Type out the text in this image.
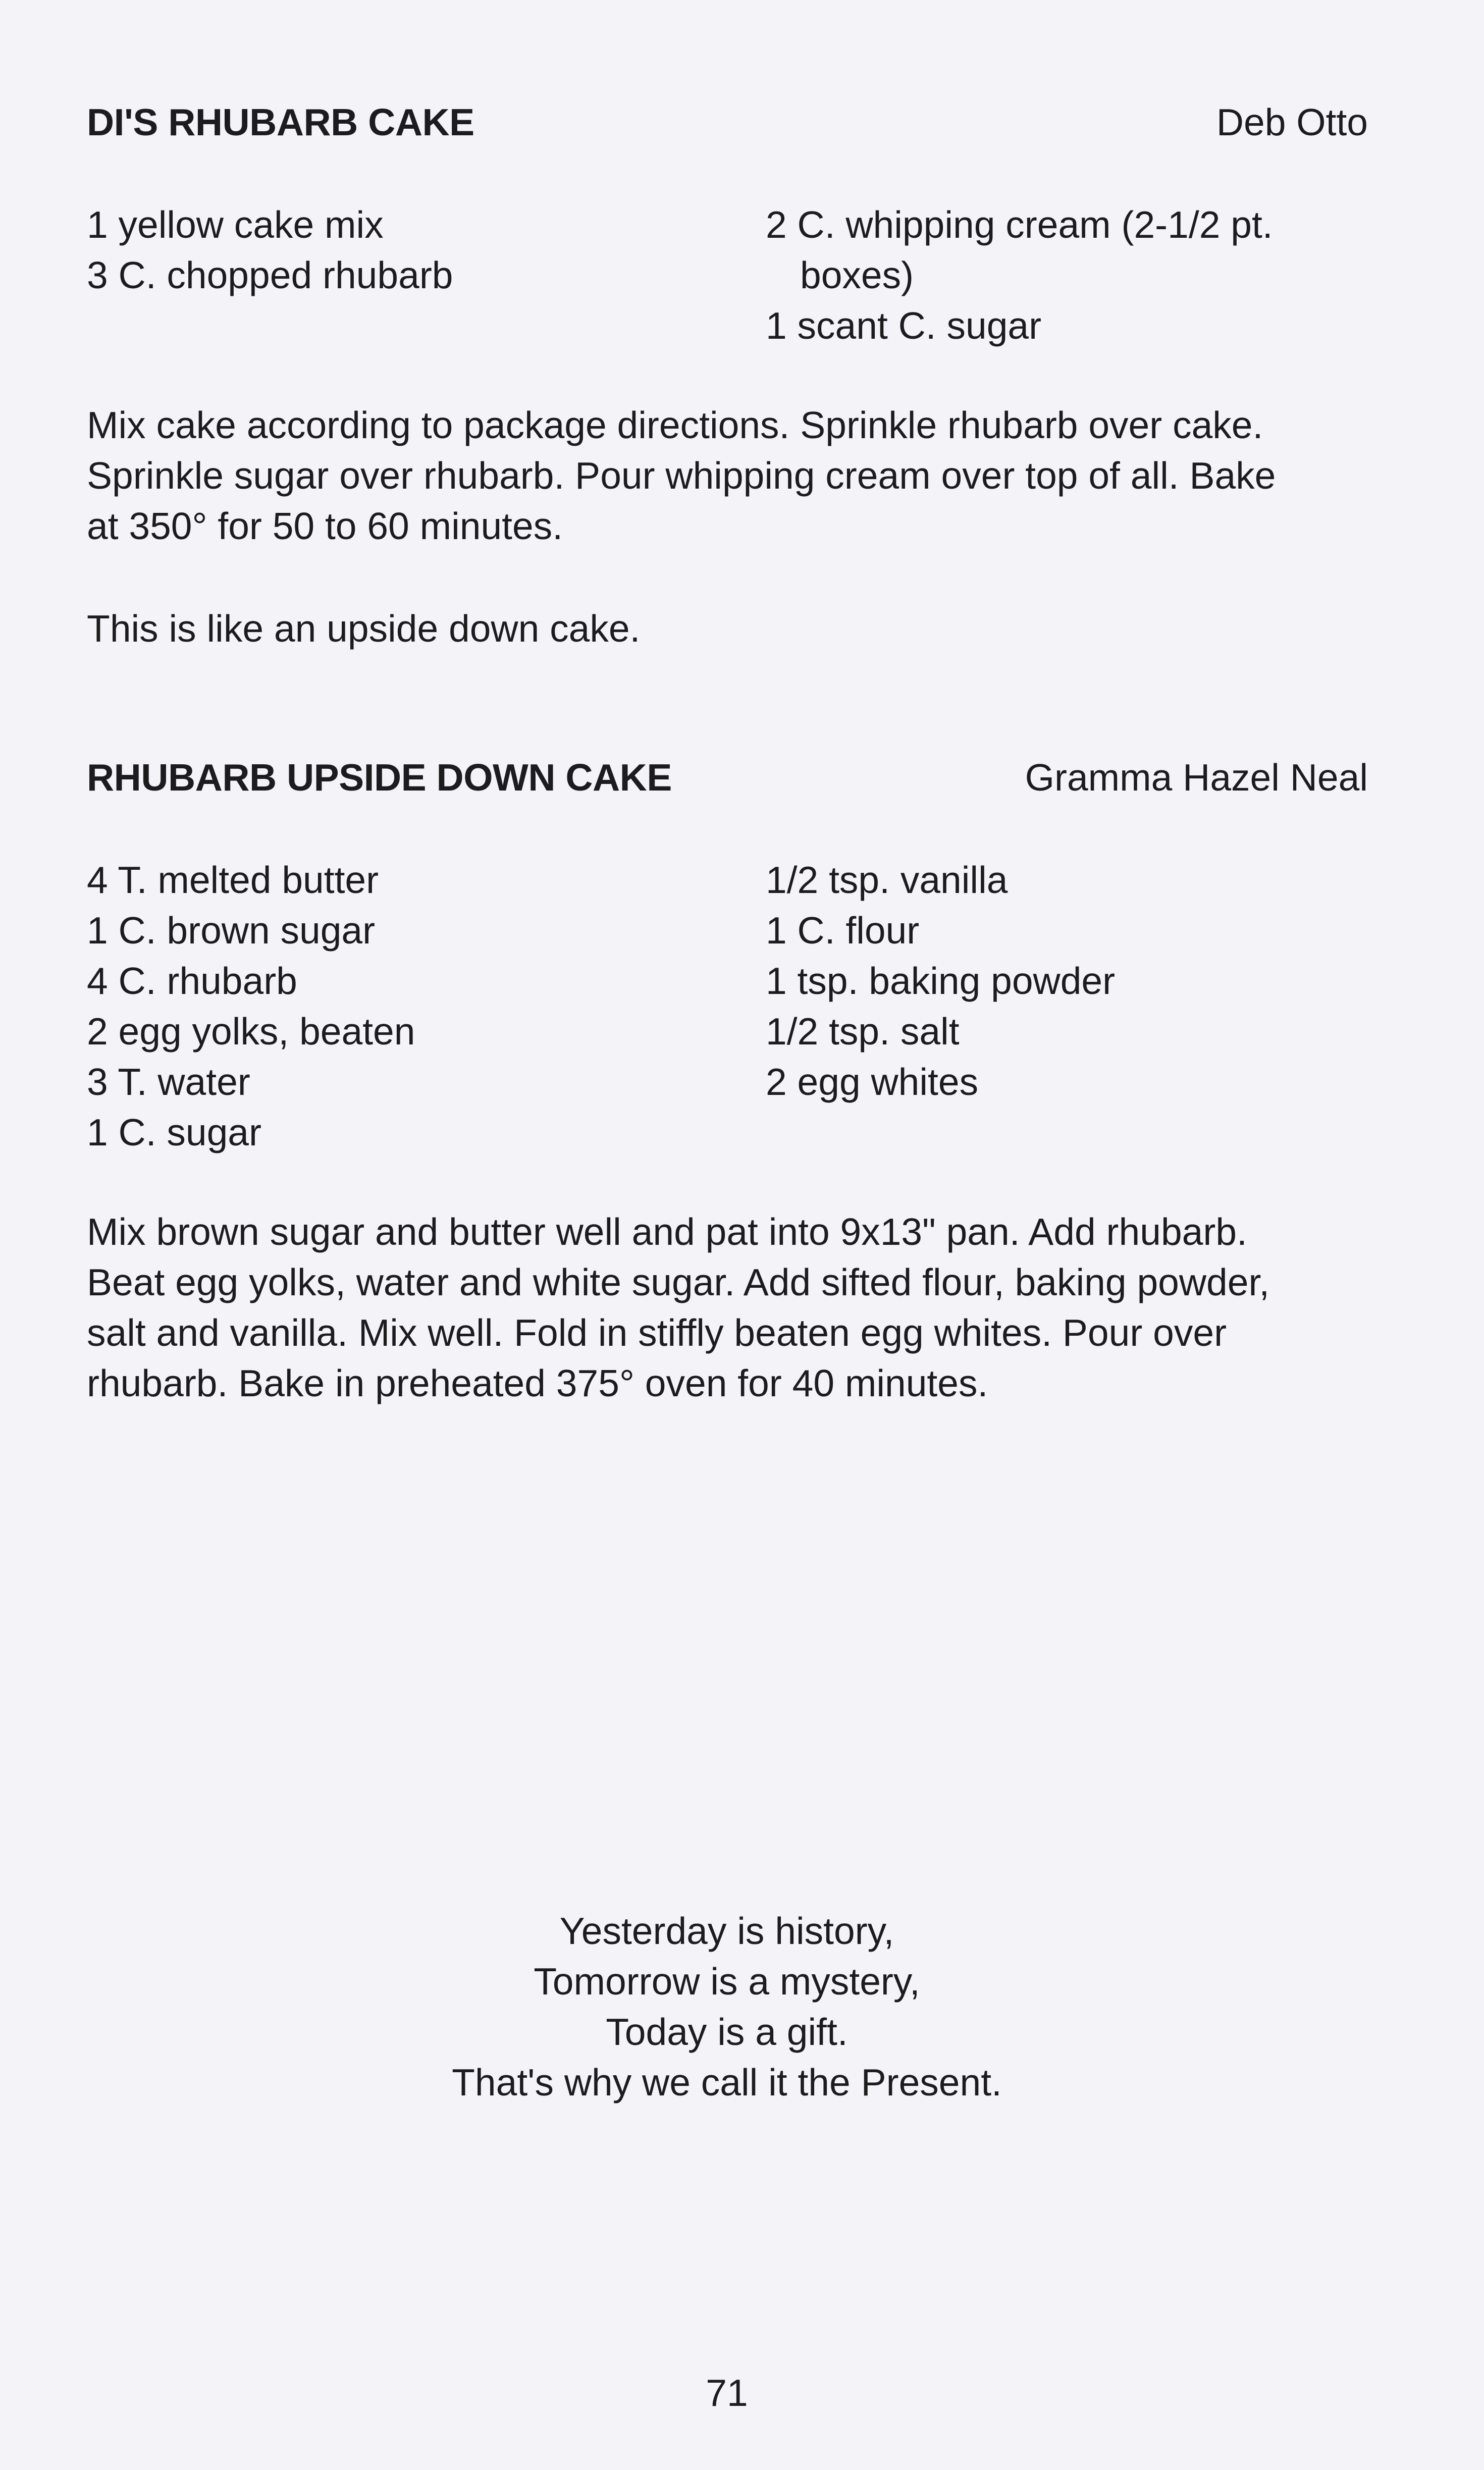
DI'S RHUBARB CAKE	Deb Otto
1 yellow cake mix
3 C. chopped rhubarb
2 C. whipping cream (2-1/2 pt.
boxes)
1 scant C. sugar

Mix cake according to package directions. Sprinkle rhubarb over cake.
Sprinkle sugar over rhubarb. Pour whipping cream over top of all. Bake
at 350° for 50 to 60 minutes.

This is like an upside down cake.

RHUBARB UPSIDE DOWN CAKE	Gramma Hazel Neal
4 T. melted butter
1 C. brown sugar
4 C. rhubarb
2 egg yolks, beaten
3 T. water
1 C. sugar
1/2 tsp. vanilla
1 C. flour
1 tsp. baking powder
1/2 tsp. salt
2 egg whites

Mix brown sugar and butter well and pat into 9x13" pan. Add rhubarb.
Beat egg yolks, water and white sugar. Add sifted flour, baking powder,
salt and vanilla. Mix well. Fold in stiffly beaten egg whites. Pour over
rhubarb. Bake in preheated 375° oven for 40 minutes.

Yesterday is history,
Tomorrow is a mystery,
Today is a gift.
That's why we call it the Present.
71
